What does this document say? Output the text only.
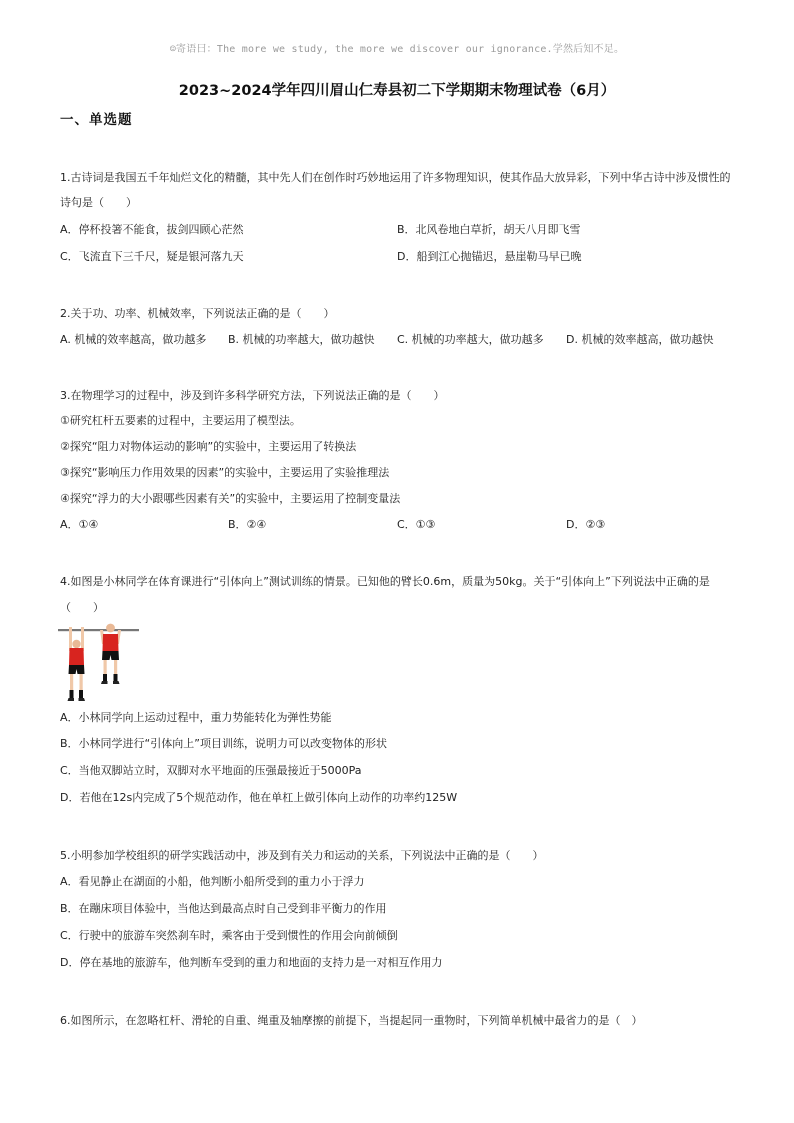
☺寄语曰：The more we study, the more we discover our ignorance.学然后知不足。
2023~2024学年四川眉山仁寿县初二下学期期末物理试卷（6月）
一、单选题
1.古诗词是我国五千年灿烂文化的精髓，其中先人们在创作时巧妙地运用了许多物理知识，使其作品大放异彩，下列中华古诗中涉及惯性的
诗句是（　　）
A．停杯投箸不能食，拔剑四顾心茫然	B．北风卷地白草折，胡天八月即飞雪
C．飞流直下三千尺，疑是银河落九天	D．船到江心抛锚迟，悬崖勒马早已晚
2.关于功、功率、机械效率，下列说法正确的是（　　）
A. 机械的效率越高，做功越多 B. 机械的功率越大，做功越快 C. 机械的功率越大，做功越多 D. 机械的效率越高，做功越快
3.在物理学习的过程中，涉及到许多科学研究方法，下列说法正确的是（　　）
①研究杠杆五要素的过程中，主要运用了模型法。
②探究“阻力对物体运动的影响”的实验中，主要运用了转换法
③探究“影响压力作用效果的因素”的实验中，主要运用了实验推理法
④探究“浮力的大小跟哪些因素有关”的实验中，主要运用了控制变量法
A．①④	B．②④	C．①③	D．②③
4.如图是小林同学在体育课进行“引体向上”测试训练的情景。已知他的臂长0.6m，质量为50kg。关于“引体向上”下列说法中正确的是
（　　）
A．小林同学向上运动过程中，重力势能转化为弹性势能
B．小林同学进行“引体向上”项目训练，说明力可以改变物体的形状
C．当他双脚站立时，双脚对水平地面的压强最接近于5000Pa
D．若他在12s内完成了5个规范动作，他在单杠上做引体向上动作的功率约125W
5.小明参加学校组织的研学实践活动中，涉及到有关力和运动的关系，下列说法中正确的是（　　）
A．看见静止在湖面的小船，他判断小船所受到的重力小于浮力
B．在蹦床项目体验中，当他达到最高点时自己受到非平衡力的作用
C．行驶中的旅游车突然刹车时，乘客由于受到惯性的作用会向前倾倒
D．停在基地的旅游车，他判断车受到的重力和地面的支持力是一对相互作用力
6.如图所示，在忽略杠杆、滑轮的自重、绳重及轴摩擦的前提下，当提起同一重物时，下列简单机械中最省力的是（　）
